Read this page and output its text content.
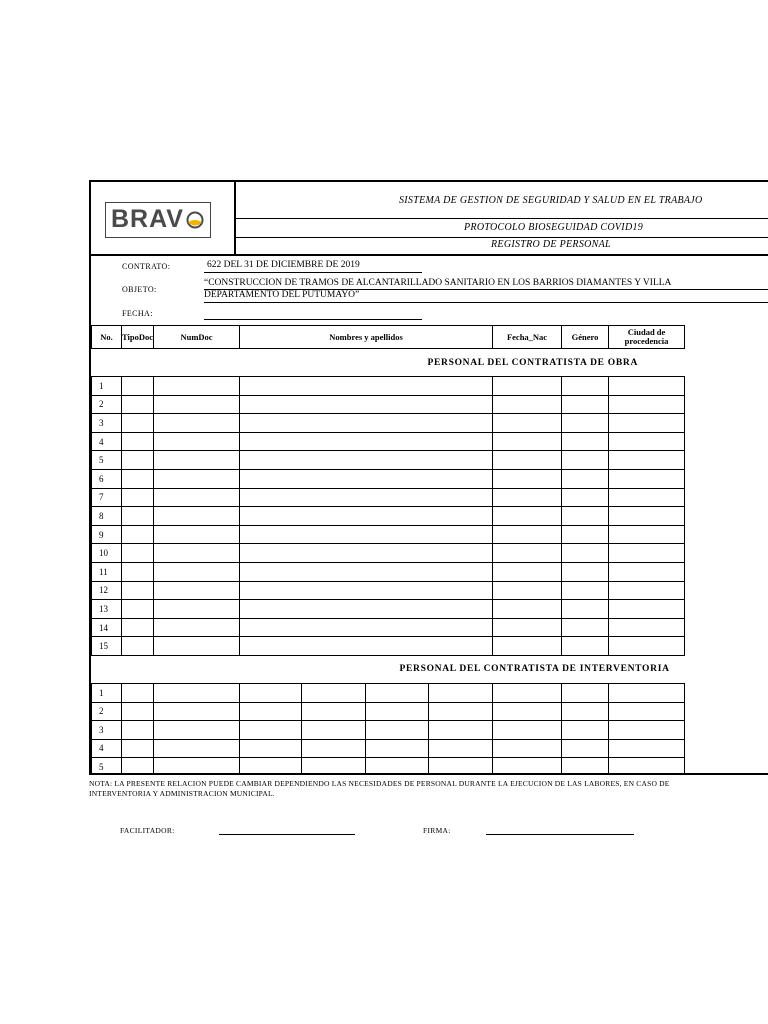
BRAV
SISTEMA DE GESTION DE SEGURIDAD Y SALUD EN EL TRABAJO
PROTOCOLO BIOSEGUIDAD COVID19
REGISTRO DE PERSONAL
CONTRATO:	622 DEL 31 DE DICIEMBRE DE 2019
OBJETO:
“CONSTRUCCION DE TRAMOS DE ALCANTARILLADO SANITARIO EN LOS BARRIOS DIAMANTES Y VILLA
DEPARTAMENTO DEL PUTUMAYO”
FECHA:
No.	TipoDoc	NumDoc	Nombres y apellidos				Fecha_Nac	Género	Ciudad de procedencia
PERSONAL DEL CONTRATISTA DE OBRA									
1									
2									
3									
4									
5									
6									
7									
8									
9									
10									
11									
12									
13									
14									
15									
PERSONAL DEL CONTRATISTA DE INTERVENTORIA									
1									
2									
3									
4									
5									
NOTA: LA PRESENTE RELACION PUEDE CAMBIAR DEPENDIENDO LAS NECESIDADES DE PERSONAL DURANTE LA EJECUCION DE LAS LABORES, EN CASO DE
INTERVENTORIA Y ADMINISTRACION MUNICIPAL.
FACILITADOR:	FIRMA:
